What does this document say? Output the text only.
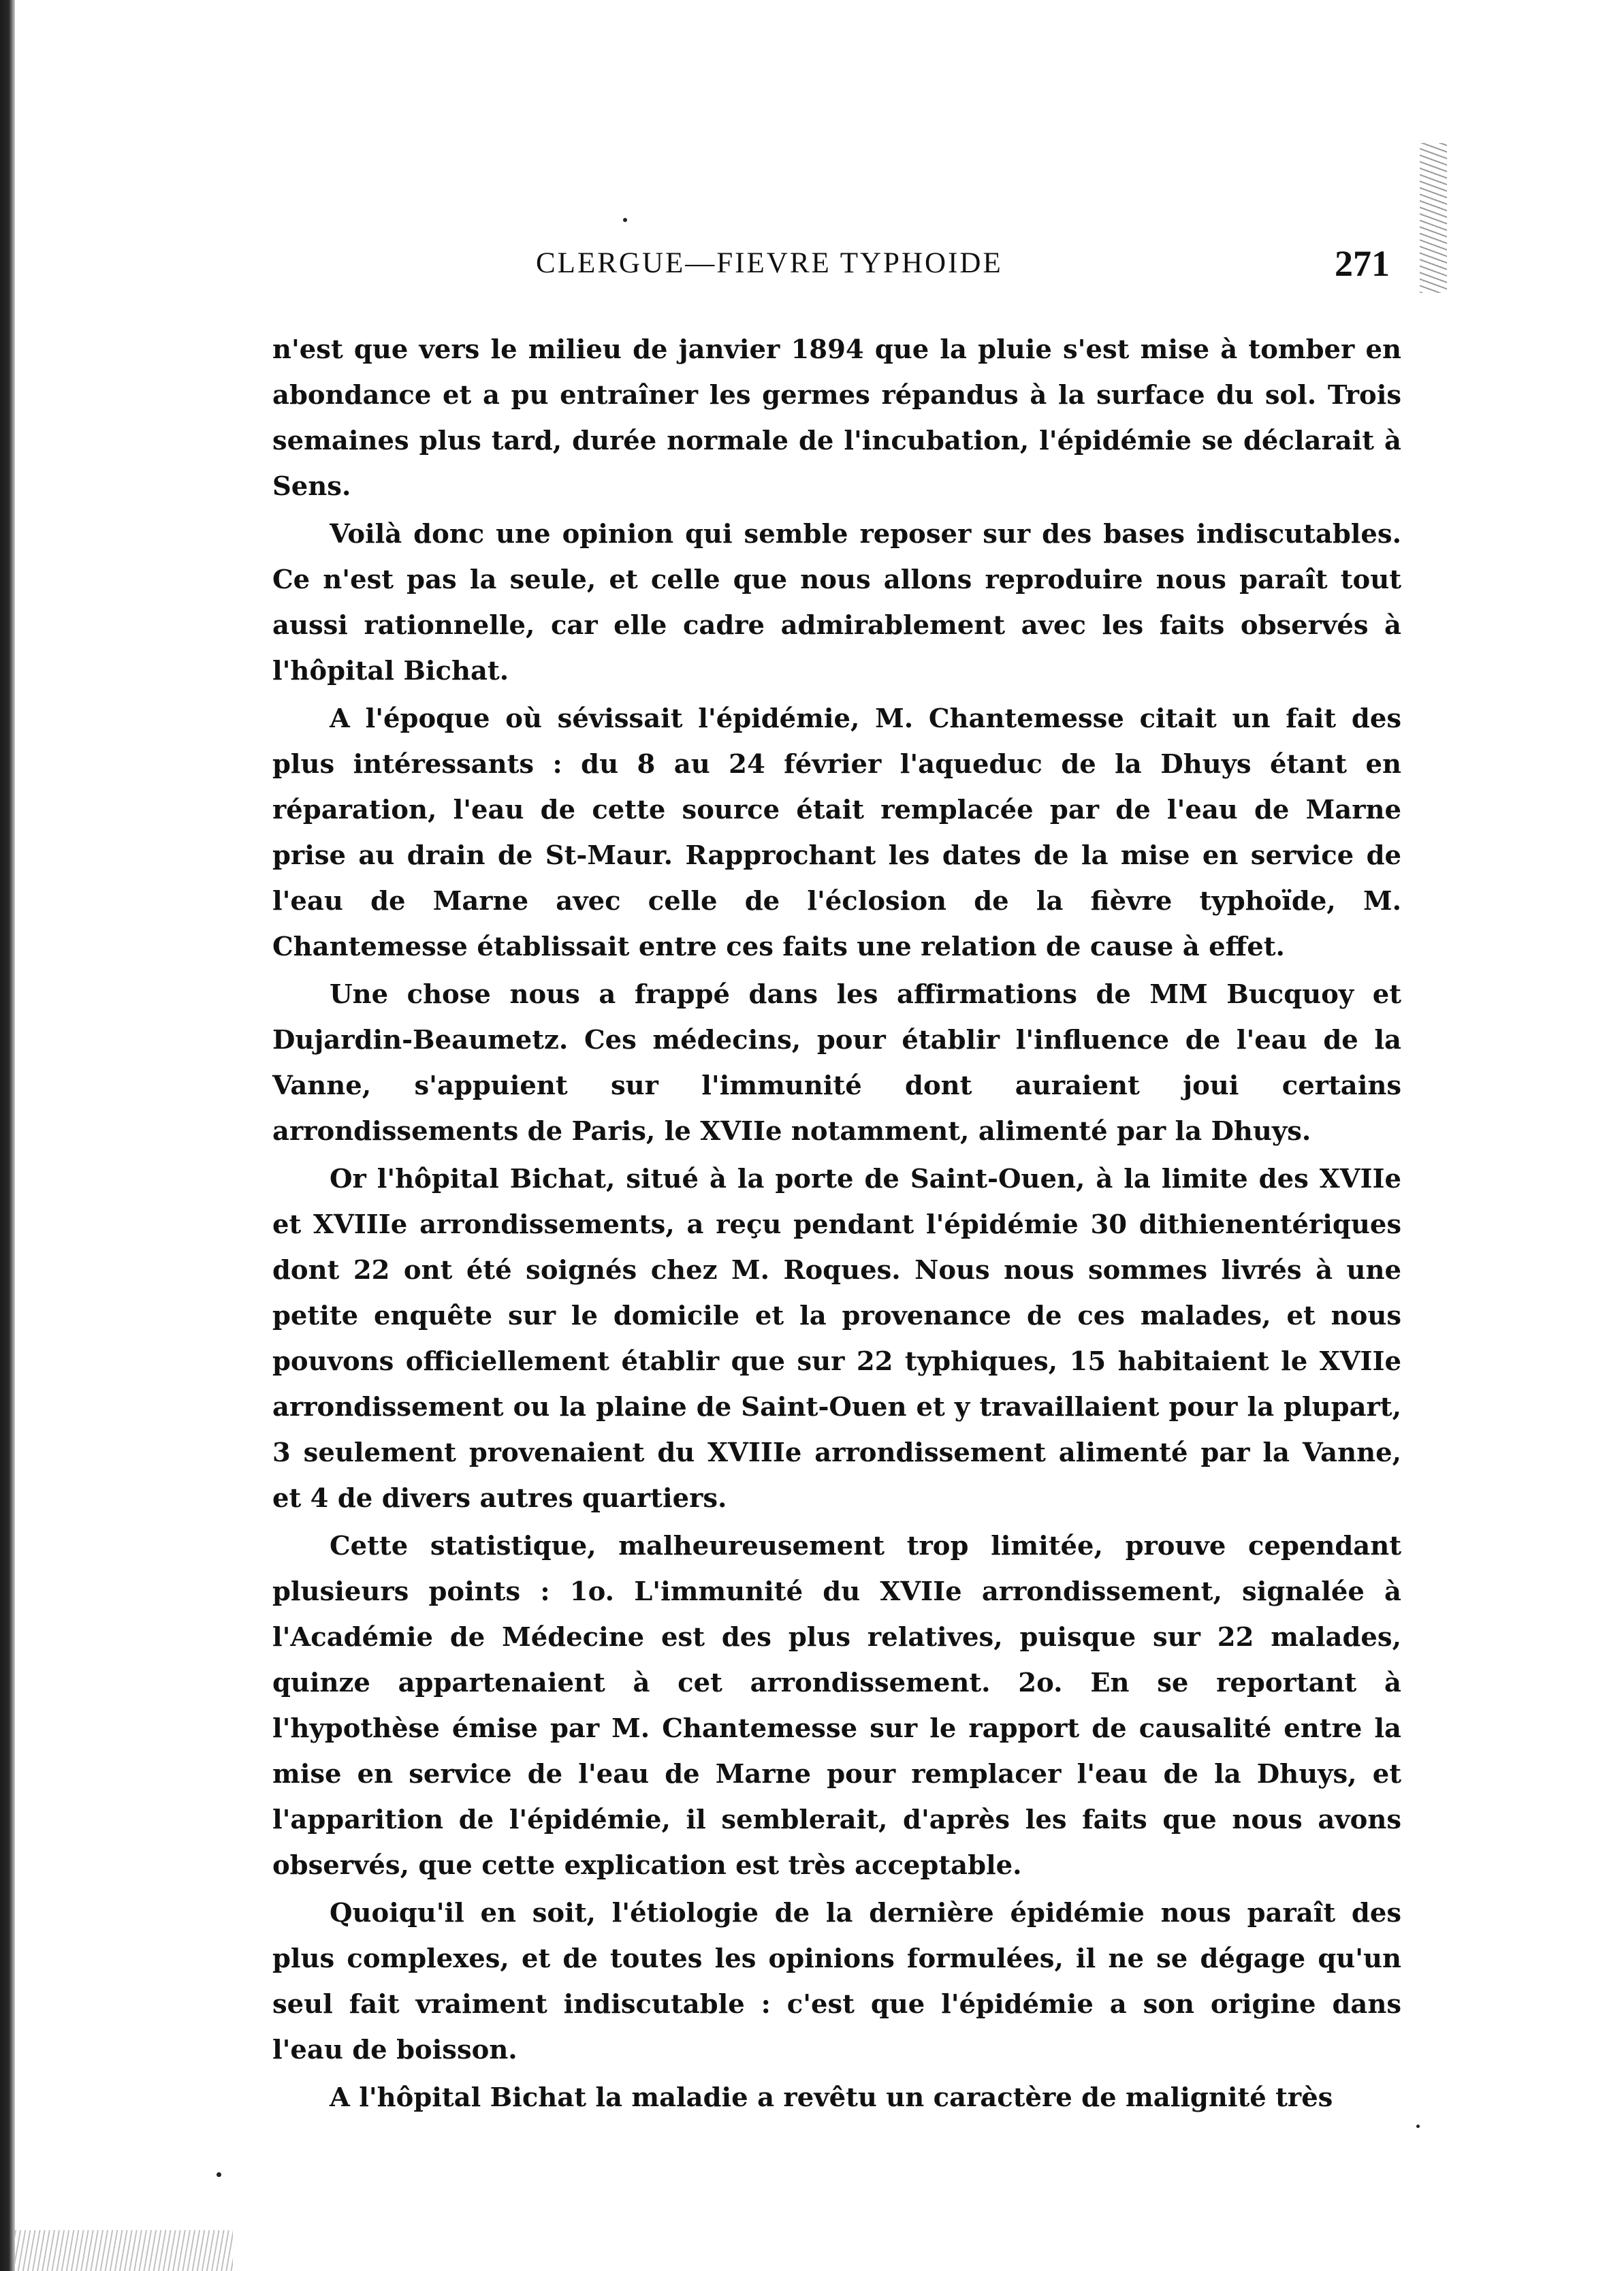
CLERGUE—FIEVRE TYPHOIDE	271

n'est que vers le milieu de janvier 1894 que la pluie s'est mise à tomber en abondance et a pu entraîner les germes répandus à la surface du sol. Trois semaines plus tard, durée normale de l'incubation, l'épidémie se déclarait à Sens.

Voilà donc une opinion qui semble reposer sur des bases indiscutables. Ce n'est pas la seule, et celle que nous allons reproduire nous paraît tout aussi rationnelle, car elle cadre admirablement avec les faits observés à l'hôpital Bichat.

A l'époque où sévissait l'épidémie, M. Chantemesse citait un fait des plus intéressants : du 8 au 24 février l'aqueduc de la Dhuys étant en réparation, l'eau de cette source était remplacée par de l'eau de Marne prise au drain de St-Maur. Rapprochant les dates de la mise en service de l'eau de Marne avec celle de l'éclosion de la fièvre typhoïde, M. Chantemesse établissait entre ces faits une relation de cause à effet.

Une chose nous a frappé dans les affirmations de MM Bucquoy et Dujardin-Beaumetz. Ces médecins, pour établir l'influence de l'eau de la Vanne, s'appuient sur l'immunité dont auraient joui certains arrondissements de Paris, le XVIIe notamment, alimenté par la Dhuys.

Or l'hôpital Bichat, situé à la porte de Saint-Ouen, à la limite des XVIIe et XVIIIe arrondissements, a reçu pendant l'épidémie 30 dithienentériques dont 22 ont été soignés chez M. Roques. Nous nous sommes livrés à une petite enquête sur le domicile et la provenance de ces malades, et nous pouvons officiellement établir que sur 22 typhiques, 15 habitaient le XVIIe arrondissement ou la plaine de Saint-Ouen et y travaillaient pour la plupart, 3 seulement provenaient du XVIIIe arrondissement alimenté par la Vanne, et 4 de divers autres quartiers.

Cette statistique, malheureusement trop limitée, prouve cependant plusieurs points : 1o. L'immunité du XVIIe arrondissement, signalée à l'Académie de Médecine est des plus relatives, puisque sur 22 malades, quinze appartenaient à cet arrondissement. 2o. En se reportant à l'hypothèse émise par M. Chantemesse sur le rapport de causalité entre la mise en service de l'eau de Marne pour remplacer l'eau de la Dhuys, et l'apparition de l'épidémie, il semblerait, d'après les faits que nous avons observés, que cette explication est très acceptable.

Quoiqu'il en soit, l'étiologie de la dernière épidémie nous paraît des plus complexes, et de toutes les opinions formulées, il ne se dégage qu'un seul fait vraiment indiscutable : c'est que l'épidémie a son origine dans l'eau de boisson.

A l'hôpital Bichat la maladie a revêtu un caractère de malignité très
